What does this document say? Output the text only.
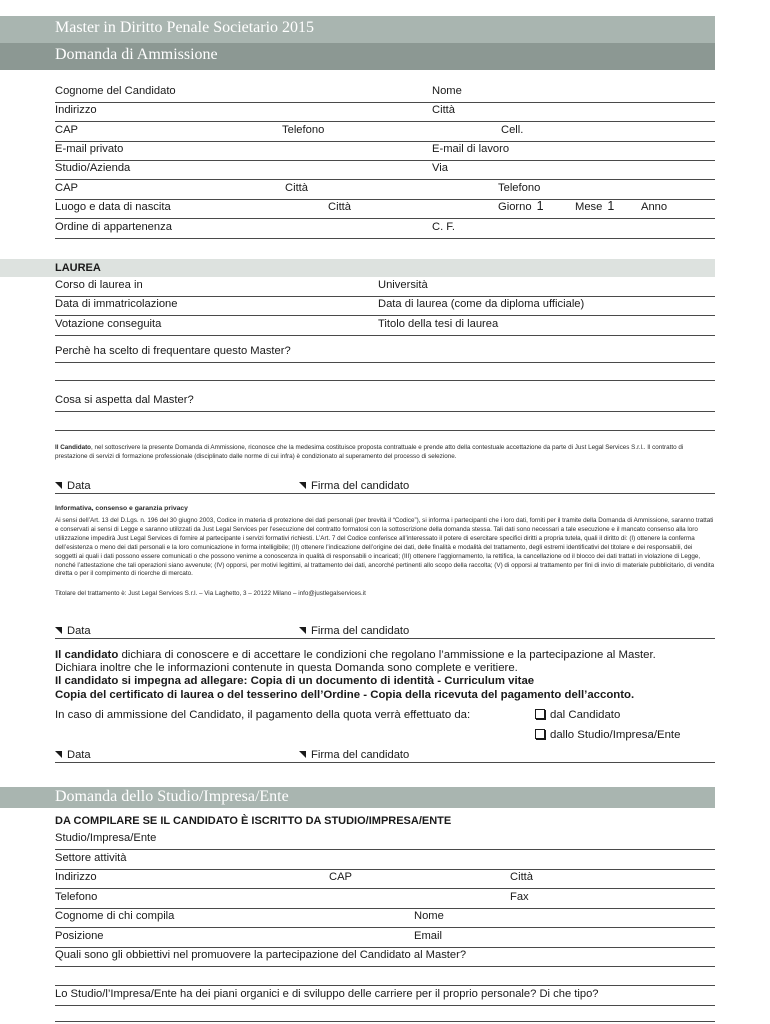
Master in Diritto Penale Societario 2015
Domanda di Ammissione
Cognome del Candidato	Nome
Indirizzo	Città
CAP	Telefono	Cell.
E-mail privato	E-mail di lavoro
Studio/Azienda	Via
CAP	Città	Telefono
Luogo e data di nascita	Città	Giorno 1	Mese 1 Anno
Ordine di appartenenza	C. F.
LAUREA
Corso di laurea in	Università
Data di immatricolazione	Data di laurea (come da diploma ufficiale)
Votazione conseguita	Titolo della tesi di laurea
Perchè ha scelto di frequentare questo Master?
Cosa si aspetta dal Master?
Il Candidato, nel sottoscrivere la presente Domanda di Ammissione, riconosce che la medesima costituisce proposta contrattuale e prende atto della contestuale accettazione da parte di Just Legal Services S.r.l.. Il contratto di prestazione di servizi di formazione professionale (disciplinato dalle norme di cui infra) è condizionato al superamento del processo di selezione.
Data	Firma del candidato
Informativa, consenso e garanzia privacy
Ai sensi dell’Art. 13 del D.Lgs. n. 196 del 30 giugno 2003, Codice in materia di protezione dei dati personali (per brevità il “Codice”), si informa i partecipanti che i loro dati, forniti per il tramite della Domanda di Ammissione, saranno trattati e conservati ai sensi di Legge e saranno utilizzati da Just Legal Services per l’esecuzione del contratto formatosi con la sottoscrizione della domanda stessa. Tali dati sono necessari a tale esecuzione e il mancato consenso alla loro utilizzazione impedirà Just Legal Services di fornire al partecipante i servizi formativi richiesti. L’Art. 7 del Codice conferisce all’interessato il potere di esercitare specifici diritti a propria tutela, quali il diritto di: (I) ottenere la conferma dell’esistenza o meno dei dati personali e la loro comunicazione in forma intelligibile; (II) ottenere l’indicazione dell’origine dei dati, delle finalità e modalità del trattamento, degli estremi identificativi del titolare e dei responsabili, dei soggetti ai quali i dati possono essere comunicati o che possono venirne a conoscenza in qualità di responsabili o incaricati; (III) ottenere l’aggiornamento, la rettifica, la cancellazione od il blocco dei dati trattati in violazione di Legge, nonché l’attestazione che tali operazioni siano avvenute; (IV) opporsi, per motivi legittimi, al trattamento dei dati, ancorché pertinenti allo scopo della raccolta; (V) di opporsi al trattamento per fini di invio di materiale pubblicitario, di vendita diretta o per il compimento di ricerche di mercato.
Titolare del trattamento è: Just Legal Services S.r.l. – Via Laghetto, 3 – 20122 Milano – info@justlegalservices.it
Data	Firma del candidato
Il candidato dichiara di conoscere e di accettare le condizioni che regolano l’ammissione e la partecipazione al Master.
Dichiara inoltre che le informazioni contenute in questa Domanda sono complete e veritiere.
Il candidato si impegna ad allegare: Copia di un documento di identità - Curriculum vitae
Copia del certificato di laurea o del tesserino dell’Ordine - Copia della ricevuta del pagamento dell’acconto.
In caso di ammissione del Candidato, il pagamento della quota verrà effettuato da:	dal Candidato
dallo Studio/Impresa/Ente
Data	Firma del candidato
Domanda dello Studio/Impresa/Ente
DA COMPILARE SE IL CANDIDATO È ISCRITTO DA STUDIO/IMPRESA/ENTE
Studio/Impresa/Ente
Settore attività
Indirizzo	CAP	Città
Telefono	Fax
Cognome di chi compila	Nome
Posizione	Email
Quali sono gli obbiettivi nel promuovere la partecipazione del Candidato al Master?
Lo Studio/l’Impresa/Ente ha dei piani organici e di sviluppo delle carriere per il proprio personale? Di che tipo?
